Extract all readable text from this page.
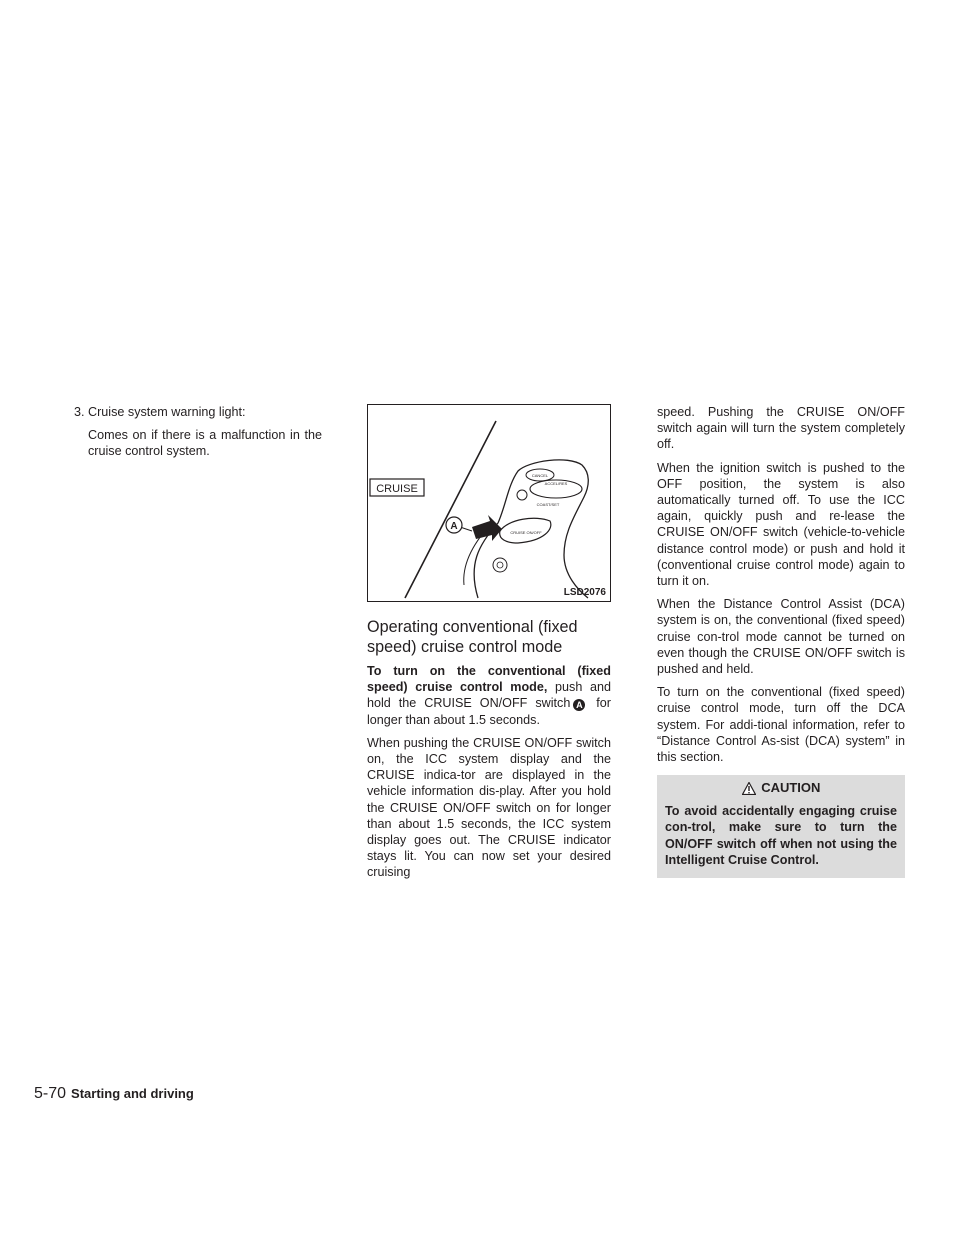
3. Cruise system warning light:

Comes on if there is a malfunction in the cruise control system.

CRUISE
CANCEL
ACCEL/RES
COAST/SET
CRUISE ON/OFF
A
LSD2076
Operating conventional (fixed speed) cruise control mode

To turn on the conventional (fixed speed) cruise control mode, push and hold the CRUISE ON/OFF switch A for longer than about 1.5 seconds.

When pushing the CRUISE ON/OFF switch on, the ICC system display and the CRUISE indica-tor are displayed in the vehicle information dis-play. After you hold the CRUISE ON/OFF switch on for longer than about 1.5 seconds, the ICC system display goes out. The CRUISE indicator stays lit. You can now set your desired cruising

speed. Pushing the CRUISE ON/OFF switch again will turn the system completely off.

When the ignition switch is pushed to the OFF position, the system is also automatically turned off. To use the ICC again, quickly push and re-lease the CRUISE ON/OFF switch (vehicle-to-vehicle distance control mode) or push and hold it (conventional cruise control mode) again to turn it on.

When the Distance Control Assist (DCA) system is on, the conventional (fixed speed) cruise con-trol mode cannot be turned on even though the CRUISE ON/OFF switch is pushed and held.

To turn on the conventional (fixed speed) cruise control mode, turn off the DCA system. For addi-tional information, refer to “Distance Control As-sist (DCA) system” in this section.

CAUTION
To avoid accidentally engaging cruise con-trol, make sure to turn the ON/OFF switch off when not using the Intelligent Cruise Control.
5-70 Starting and driving
